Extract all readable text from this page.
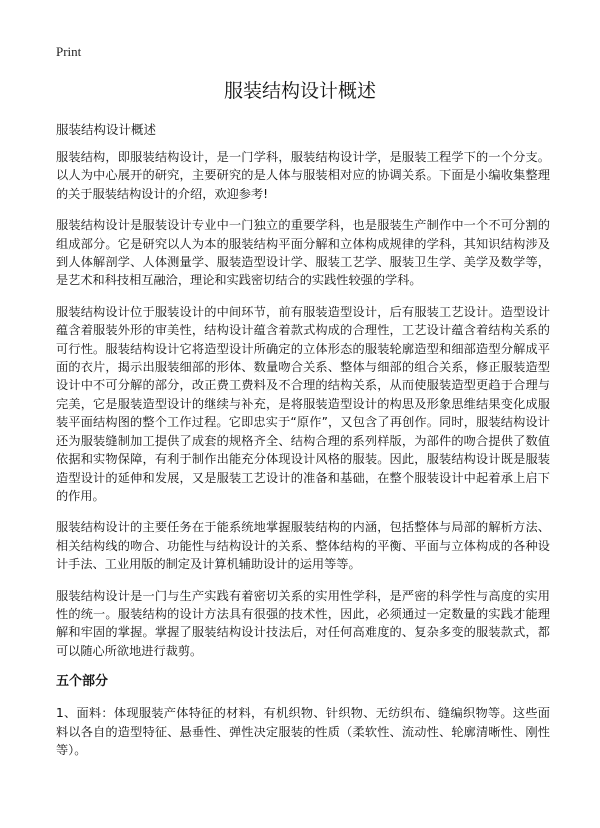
Print
服装结构设计概述
服装结构设计概述

服装结构，即服装结构设计，是一门学科，服装结构设计学，是服装工程学下的一个分支。以人为中心展开的研究，主要研究的是人体与服装相对应的协调关系。下面是小编收集整理的关于服装结构设计的介绍，欢迎参考!

服装结构设计是服装设计专业中一门独立的重要学科，也是服装生产制作中一个不可分割的组成部分。它是研究以人为本的服装结构平面分解和立体构成规律的学科，其知识结构涉及到人体解剖学、人体测量学、服装造型设计学、服装工艺学、服装卫生学、美学及数学等，是艺术和科技相互融洽，理论和实践密切结合的实践性较强的学科。

服装结构设计位于服装设计的中间环节，前有服装造型设计，后有服装工艺设计。造型设计蕴含着服装外形的审美性，结构设计蕴含着款式构成的合理性，工艺设计蕴含着结构关系的可行性。服装结构设计它将造型设计所确定的立体形态的服装轮廓造型和细部造型分解成平面的衣片，揭示出服装细部的形体、数量吻合关系、整体与细部的组合关系，修正服装造型设计中不可分解的部分，改正费工费料及不合理的结构关系，从而使服装造型更趋于合理与完美，它是服装造型设计的继续与补充，是将服装造型设计的构思及形象思维结果变化成服装平面结构图的整个工作过程。它即忠实于“原作”，又包含了再创作。同时，服装结构设计还为服装缝制加工提供了成套的规格齐全、结构合理的系列样版，为部件的吻合提供了数值依据和实物保障，有利于制作出能充分体现设计风格的服装。因此，服装结构设计既是服装造型设计的延伸和发展，又是服装工艺设计的准备和基础，在整个服装设计中起着承上启下的作用。

服装结构设计的主要任务在于能系统地掌握服装结构的内涵，包括整体与局部的解析方法、相关结构线的吻合、功能性与结构设计的关系、整体结构的平衡、平面与立体构成的各种设计手法、工业用版的制定及计算机辅助设计的运用等等。

服装结构设计是一门与生产实践有着密切关系的实用性学科，是严密的科学性与高度的实用性的统一。服装结构的设计方法具有很强的技术性，因此，必须通过一定数量的实践才能理解和牢固的掌握。掌握了服装结构设计技法后，对任何高难度的、复杂多变的服装款式，都可以随心所欲地进行裁剪。

五个部分

1、面料：体现服装产体特征的材料，有机织物、针织物、无纺织布、缝编织物等。这些面料以各自的造型特征、悬垂性、弹性决定服装的性质（柔软性、流动性、轮廓清晰性、刚性等）。
